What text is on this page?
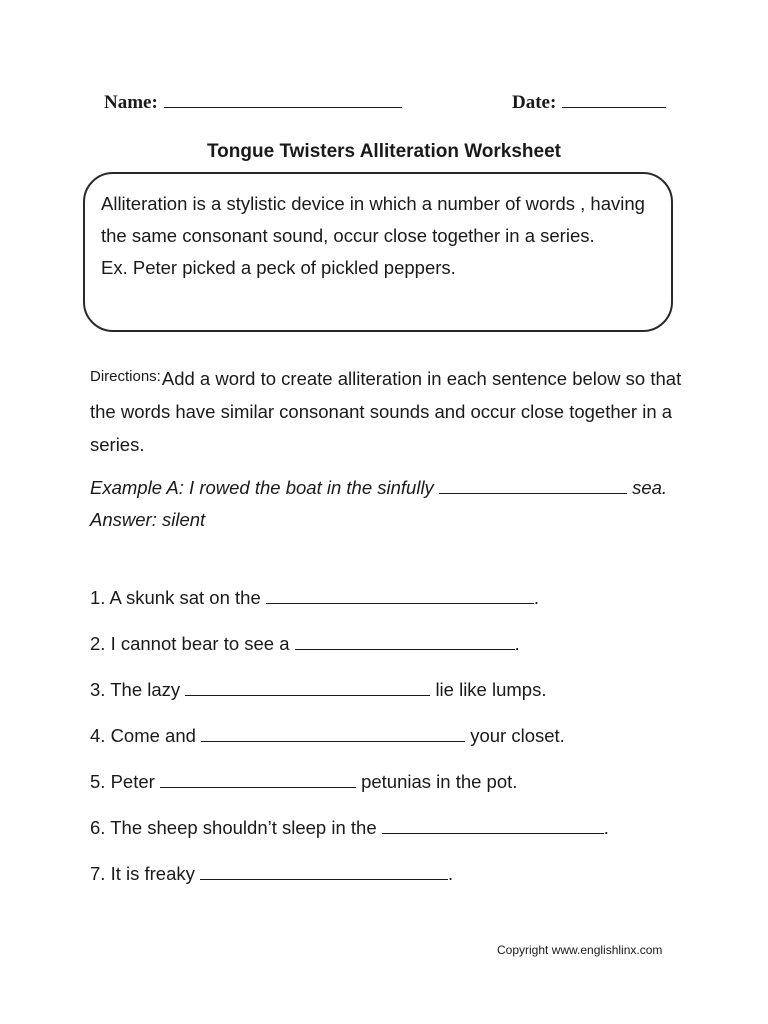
Name:	Date:
Tongue Twisters Alliteration Worksheet

Alliteration is a stylistic device in which a number of words , having the same consonant sound, occur close together in a series.

Ex. Peter picked a peck of pickled peppers.

Directions:Add a word to create alliteration in each sentence below so that the words have similar consonant sounds and occur close together in a series.

Example A: I rowed the boat in the sinfully	sea.

Answer: silent

1. A skunk sat on the	.
2. I cannot bear to see a	.
3. The lazy	lie like lumps.
4. Come and	your closet.
5. Peter	petunias in the pot.
6. The sheep shouldn’t sleep in the	.
7. It is freaky	.
Copyright www.englishlinx.com
